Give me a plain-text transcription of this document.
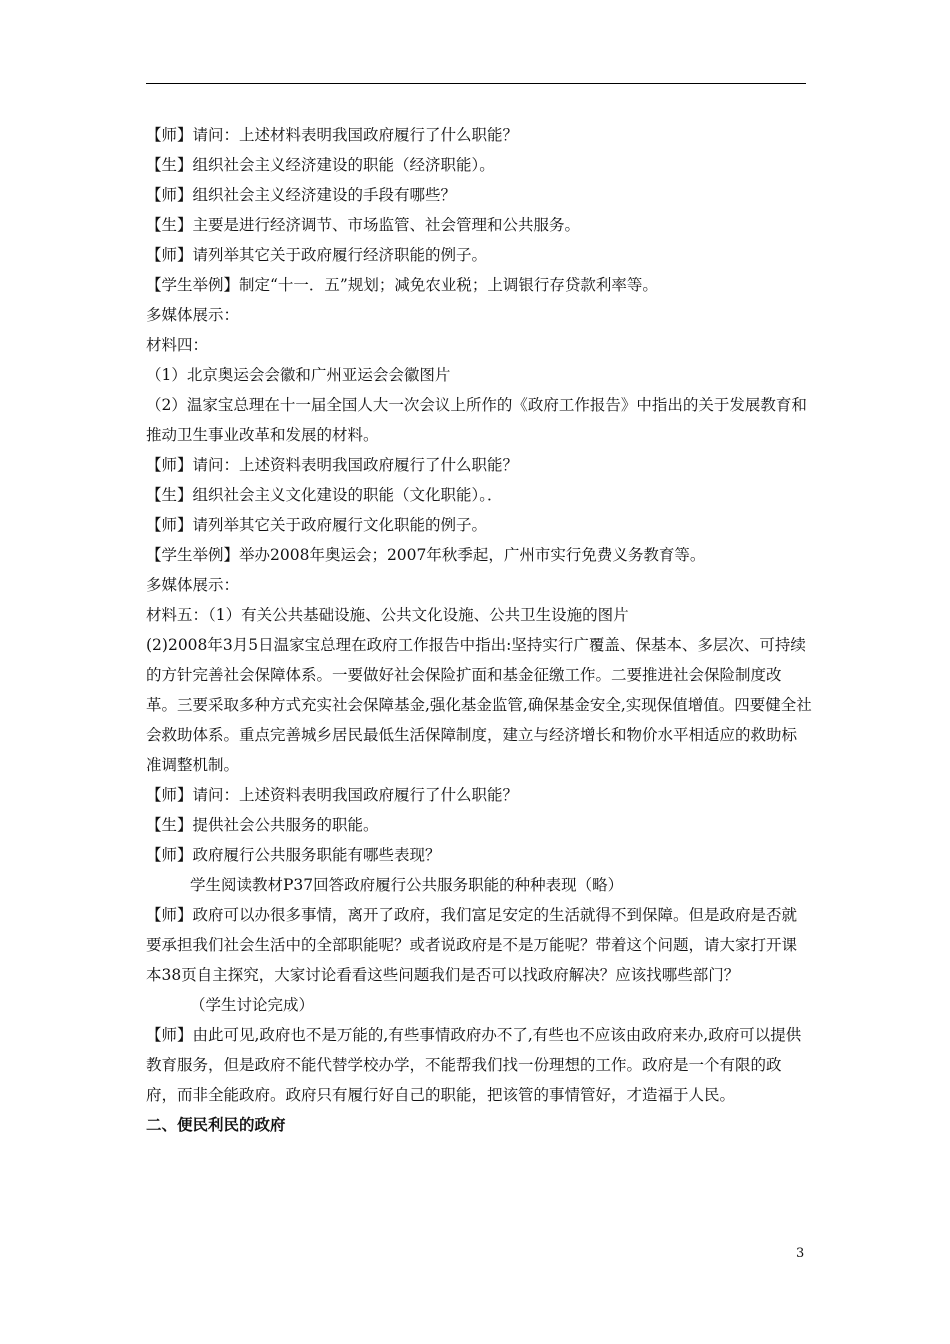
【师】请问：上述材料表明我国政府履行了什么职能？
【生】组织社会主义经济建设的职能（经济职能）。
【师】组织社会主义经济建设的手段有哪些？
【生】主要是进行经济调节、市场监管、社会管理和公共服务。
【师】请列举其它关于政府履行经济职能的例子。
【学生举例】制定“十一．五”规划；减免农业税；上调银行存贷款利率等。
多媒体展示：
材料四：
（1）北京奥运会会徽和广州亚运会会徽图片
（2）温家宝总理在十一届全国人大一次会议上所作的《政府工作报告》中指出的关于发展教育和推动卫生事业改革和发展的材料。
【师】请问：上述资料表明我国政府履行了什么职能？
【生】组织社会主义文化建设的职能（文化职能）。．
【师】请列举其它关于政府履行文化职能的例子。
【学生举例】举办2008年奥运会；2007年秋季起，广州市实行免费义务教育等。
多媒体展示：
材料五：（1）有关公共基础设施、公共文化设施、公共卫生设施的图片
(2)2008年3月5日温家宝总理在政府工作报告中指出:坚持实行广覆盖、保基本、多层次、可持续的方针完善社会保障体系。一要做好社会保险扩面和基金征缴工作。二要推进社会保险制度改革。三要采取多种方式充实社会保障基金,强化基金监管,确保基金安全,实现保值增值。四要健全社会救助体系。重点完善城乡居民最低生活保障制度，建立与经济增长和物价水平相适应的救助标准调整机制。
【师】请问：上述资料表明我国政府履行了什么职能？
【生】提供社会公共服务的职能。
【师】政府履行公共服务职能有哪些表现？
学生阅读教材P37回答政府履行公共服务职能的种种表现（略）
【师】政府可以办很多事情，离开了政府，我们富足安定的生活就得不到保障。但是政府是否就要承担我们社会生活中的全部职能呢？或者说政府是不是万能呢？带着这个问题，请大家打开课本38页自主探究，大家讨论看看这些问题我们是否可以找政府解决？应该找哪些部门？
（学生讨论完成）
【师】由此可见,政府也不是万能的,有些事情政府办不了,有些也不应该由政府来办,政府可以提供教育服务，但是政府不能代替学校办学，不能帮我们找一份理想的工作。政府是一个有限的政府，而非全能政府。政府只有履行好自己的职能，把该管的事情管好，才造福于人民。
二、便民利民的政府
3
